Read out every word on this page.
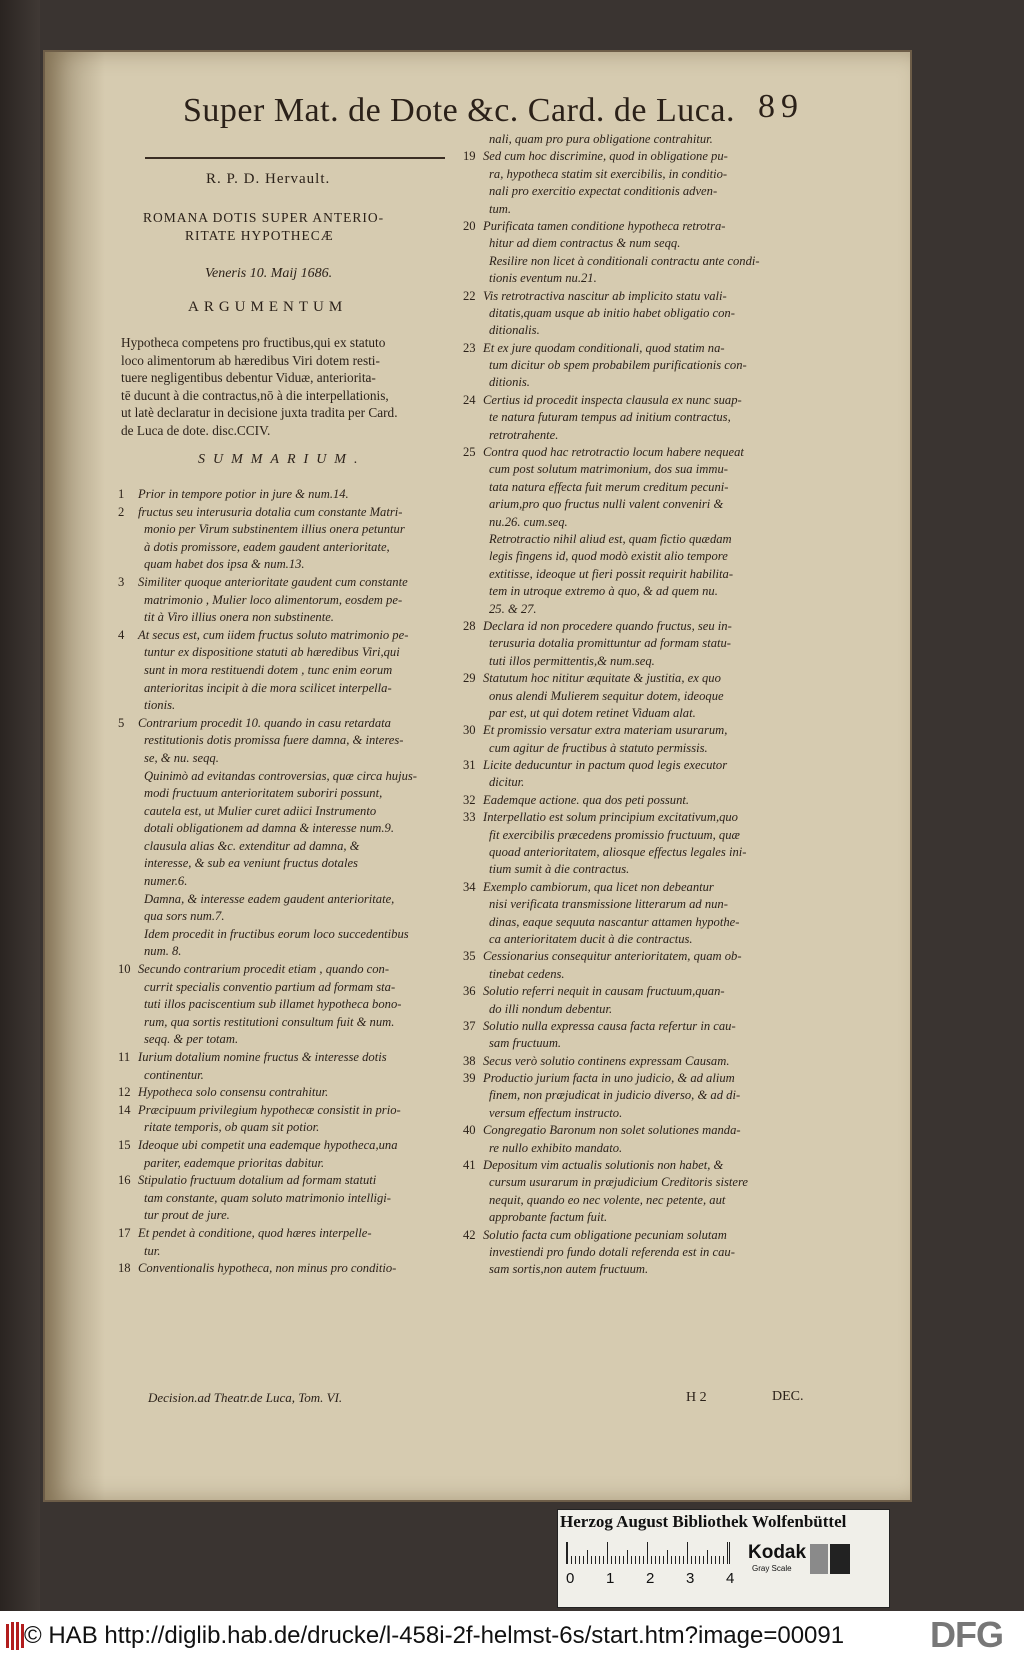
Super Mat. de Dote &c. Card. de Luca. 89
R. P. D. Hervault.
ROMANA DOTIS SUPER ANTERIO-
RITATE HYPOTHECÆ
Veneris 10. Maij 1686.
ARGUMENTUM
Hypotheca competens pro fructibus,qui ex statuto
loco alimentorum ab hæredibus Viri dotem resti-
tuere negligentibus debentur Viduæ, anteriorita-
tē ducunt à die contractus,nō à die interpellationis,
ut latè declaratur in decisione juxta tradita per Card.
de Luca de dote. disc.CCIV.
SUMMARIUM.
1 Prior in tempore potior in jure & num.14.
2 fructus seu interusuria dotalia cum constante Matri-
monio per Virum substinentem illius onera petuntur
à dotis promissore, eadem gaudent anterioritate,
quam habet dos ipsa & num.13.
3 Similiter quoque anterioritate gaudent cum constante
matrimonio , Mulier loco alimentorum, eosdem pe-
tit à Viro illius onera non substinente.
4 At secus est, cum iidem fructus soluto matrimonio pe-
tuntur ex dispositione statuti ab hæredibus Viri,qui
sunt in mora restituendi dotem , tunc enim eorum
anterioritas incipit à die mora scilicet interpella-
tionis.
5 Contrarium procedit 10. quando in casu retardata
restitutionis dotis promissa fuere damna, & interes-
se, & nu. seqq.
Quinimò ad evitandas controversias, quæ circa hujus-
modi fructuum anterioritatem suboriri possunt,
cautela est, ut Mulier curet adiici Instrumento
dotali obligationem ad damna & interesse num.9.
clausula alias &c. extenditur ad damna, &
interesse, & sub ea veniunt fructus dotales
numer.6.
Damna, & interesse eadem gaudent anterioritate,
qua sors num.7.
Idem procedit in fructibus eorum loco succedentibus
num. 8.
10 Secundo contrarium procedit etiam , quando con-
currit specialis conventio partium ad formam sta-
tuti illos paciscentium sub illamet hypotheca bono-
rum, qua sortis restitutioni consultum fuit & num.
seqq. & per totam.
11 Iurium dotalium nomine fructus & interesse dotis
continentur.
12 Hypotheca solo consensu contrahitur.
14 Præcipuum privilegium hypothecæ consistit in prio-
ritate temporis, ob quam sit potior.
15 Ideoque ubi competit una eademque hypotheca,una
pariter, eademque prioritas dabitur.
16 Stipulatio fructuum dotalium ad formam statuti
tam constante, quam soluto matrimonio intelligi-
tur prout de jure.
17 Et pendet à conditione, quod hæres interpelle-
tur.
18 Conventionalis hypotheca, non minus pro conditio-
nali, quam pro pura obligatione contrahitur.
19 Sed cum hoc discrimine, quod in obligatione pu-
ra, hypotheca statim sit exercibilis, in conditio-
nali pro exercitio expectat conditionis adven-
tum.
20 Purificata tamen conditione hypotheca retrotra-
hitur ad diem contractus & num seqq.
Resilire non licet à conditionali contractu ante condi-
tionis eventum nu.21.
22 Vis retrotractiva nascitur ab implicito statu vali-
ditatis,quam usque ab initio habet obligatio con-
ditionalis.
23 Et ex jure quodam conditionali, quod statim na-
tum dicitur ob spem probabilem purificationis con-
ditionis.
24 Certius id procedit inspecta clausula ex nunc suap-
te natura futuram tempus ad initium contractus,
retrotrahente.
25 Contra quod hac retrotractio locum habere nequeat
cum post solutum matrimonium, dos sua immu-
tata natura effecta fuit merum creditum pecuni-
arium,pro quo fructus nulli valent conveniri &
nu.26. cum.seq.
Retrotractio nihil aliud est, quam fictio quædam
legis fingens id, quod modò existit alio tempore
extitisse, ideoque ut fieri possit requirit habilita-
tem in utroque extremo à quo, & ad quem nu.
25. & 27.
28 Declara id non procedere quando fructus, seu in-
terusuria dotalia promittuntur ad formam statu-
tuti illos permittentis,& num.seq.
29 Statutum hoc nititur æquitate & justitia, ex quo
onus alendi Mulierem sequitur dotem, ideoque
par est, ut qui dotem retinet Viduam alat.
30 Et promissio versatur extra materiam usurarum,
cum agitur de fructibus à statuto permissis.
31 Licite deducuntur in pactum quod legis executor
dicitur.
32 Eademque actione. qua dos peti possunt.
33 Interpellatio est solum principium excitativum,quo
fit exercibilis præcedens promissio fructuum, quæ
quoad anterioritatem, aliosque effectus legales ini-
tium sumit à die contractus.
34 Exemplo cambiorum, qua licet non debeantur
nisi verificata transmissione litterarum ad nun-
dinas, eaque sequuta nascantur attamen hypothe-
ca anterioritatem ducit à die contractus.
35 Cessionarius consequitur anterioritatem, quam ob-
tinebat cedens.
36 Solutio referri nequit in causam fructuum,quan-
do illi nondum debentur.
37 Solutio nulla expressa causa facta refertur in cau-
sam fructuum.
38 Secus verò solutio continens expressam Causam.
39 Productio jurium facta in uno judicio, & ad alium
finem, non præjudicat in judicio diverso, & ad di-
versum effectum instructo.
40 Congregatio Baronum non solet solutiones manda-
re nullo exhibito mandato.
41 Depositum vim actualis solutionis non habet, &
cursum usurarum in præjudicium Creditoris sistere
nequit, quando eo nec volente, nec petente, aut
approbante factum fuit.
42 Solutio facta cum obligatione pecuniam solutam
investiendi pro fundo dotali referenda est in cau-
sam sortis,non autem fructuum.
Decision.ad Theatr.de Luca, Tom. VI.	H 2	DEC.
Herzog August Bibliothek Wolfenbüttel
0 1 2 3 4
Kodak
Gray Scale
© HAB http://diglib.hab.de/drucke/l-458i-2f-helmst-6s/start.htm?image=00091 DFG
